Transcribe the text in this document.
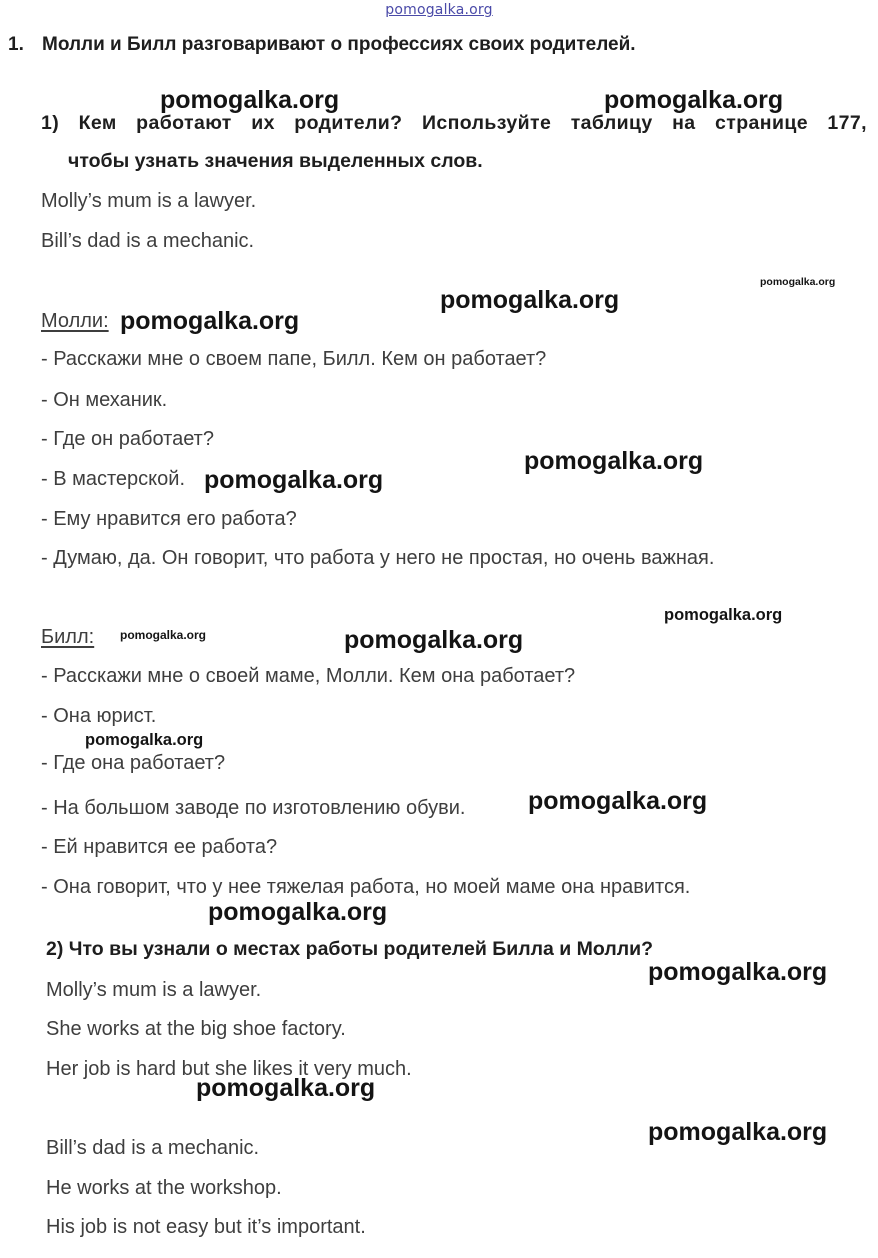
pomogalka.org
1. Молли и Билл разговаривают о профессиях своих родителей.
1) Кем работают их родители? Используйте таблицу на странице 177,
чтобы узнать значения выделенных слов.
Molly’s mum is a lawyer.
Bill’s dad is a mechanic.
Молли:
- Расскажи мне о своем папе, Билл. Кем он работает?
- Он механик.
- Где он работает?
- В мастерской.
- Ему нравится его работа?
- Думаю, да. Он говорит, что работа у него не простая, но очень важная.
Билл:
- Расскажи мне о своей маме, Молли. Кем она работает?
- Она юрист.
- Где она работает?
- На большом заводе по изготовлению обуви.
- Ей нравится ее работа?
- Она говорит, что у нее тяжелая работа, но моей маме она нравится.
2) Что вы узнали о местах работы родителей Билла и Молли?
Molly’s mum is a lawyer.
She works at the big shoe factory.
Her job is hard but she likes it very much.
Bill’s dad is a mechanic.
He works at the workshop.
His job is not easy but it’s important.
pomogalka.org	pomogalka.org
pomogalka.org
pomogalka.org
pomogalka.org
pomogalka.org
pomogalka.org
pomogalka.org
pomogalka.org	pomogalka.org
pomogalka.org
pomogalka.org
pomogalka.org
pomogalka.org
pomogalka.org
pomogalka.org
